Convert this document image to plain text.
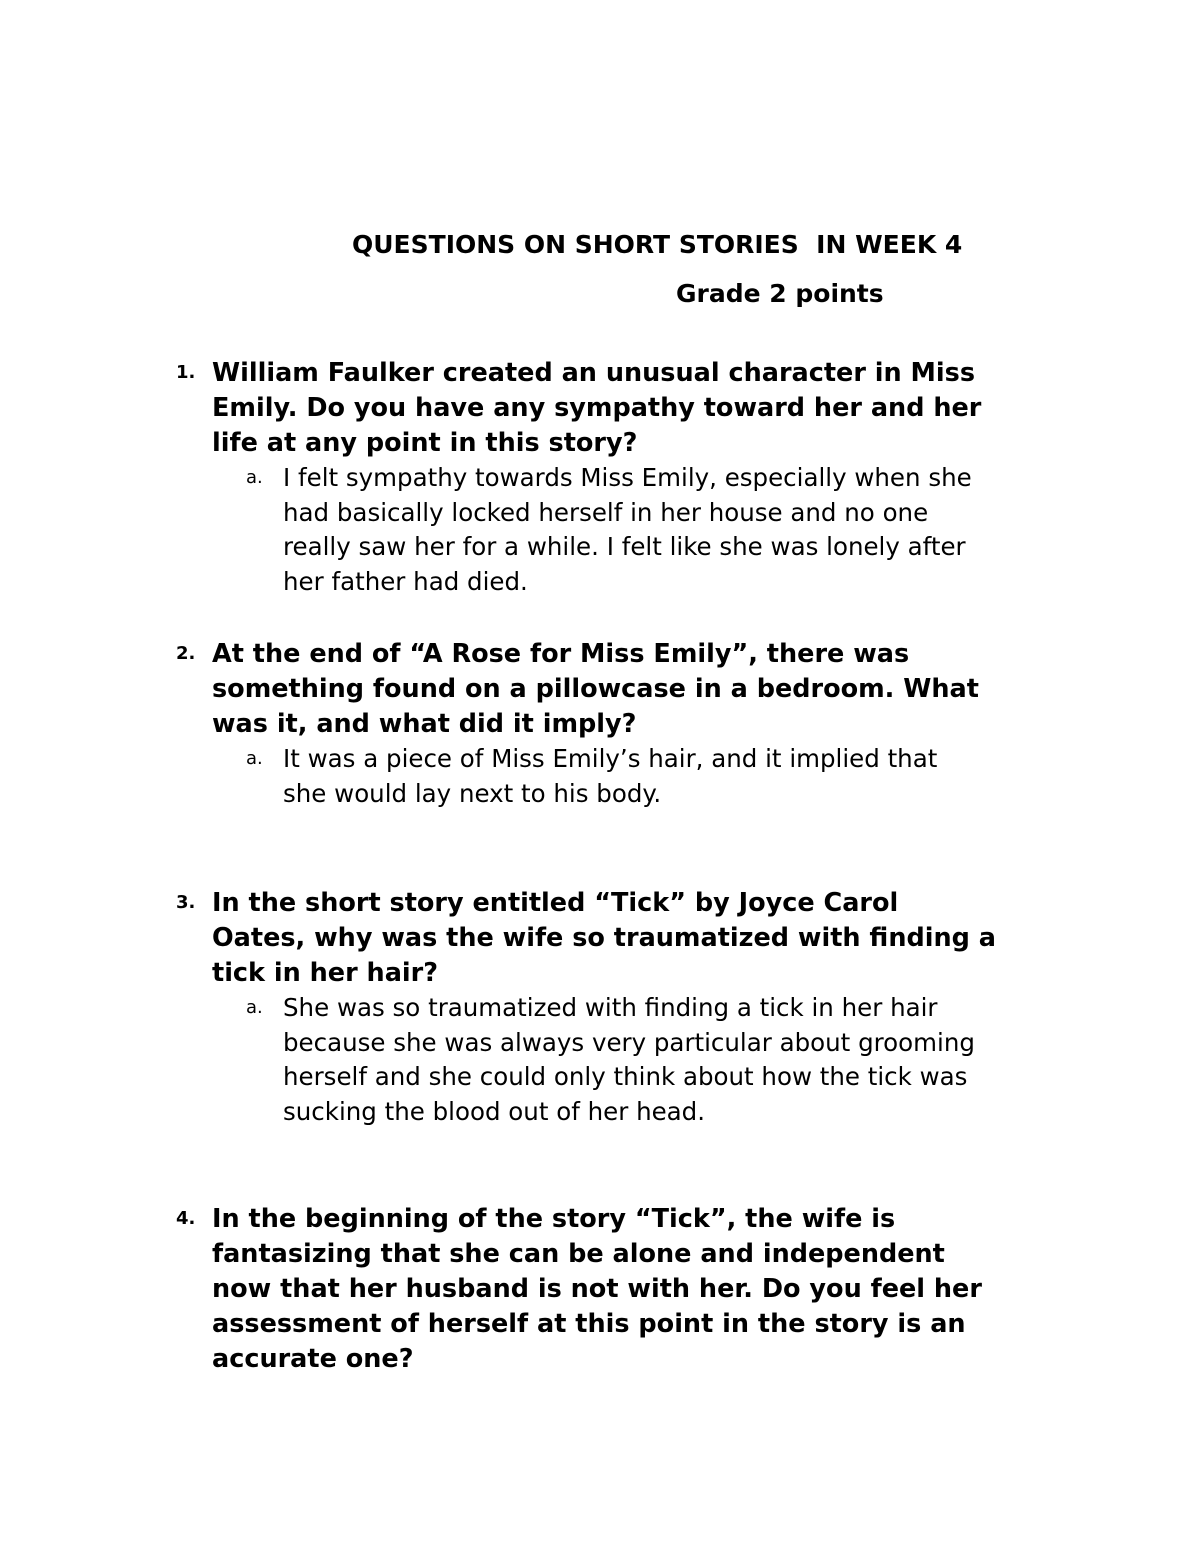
QUESTIONS ON SHORT STORIES  IN WEEK 4

Grade 2 points

1. William Faulker created an unusual character in Miss
Emily. Do you have any sympathy toward her and her
life at any point in this story?

a. I felt sympathy towards Miss Emily, especially when she
had basically locked herself in her house and no one
really saw her for a while. I felt like she was lonely after
her father had died.

2. At the end of “A Rose for Miss Emily”, there was
something found on a pillowcase in a bedroom. What
was it, and what did it imply?

a. It was a piece of Miss Emily’s hair, and it implied that
she would lay next to his body.

3. In the short story entitled “Tick” by Joyce Carol
Oates, why was the wife so traumatized with finding a
tick in her hair?

a. She was so traumatized with finding a tick in her hair
because she was always very particular about grooming
herself and she could only think about how the tick was
sucking the blood out of her head.

4. In the beginning of the story “Tick”, the wife is
fantasizing that she can be alone and independent
now that her husband is not with her. Do you feel her
assessment of herself at this point in the story is an
accurate one?
